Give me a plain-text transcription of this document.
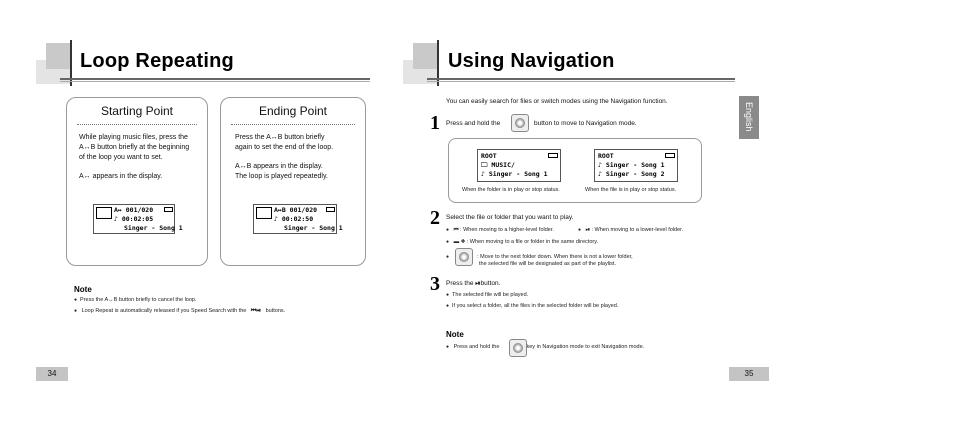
Loop Repeating
Starting Point

While playing music files, press the

A↔B button briefly at the beginning

of the loop you want to set.

A↔ appears in the display.

A↔ 001/020
♪ 00:02:05
Singer - Song 1
Ending Point

Press the A↔B button briefly

again to set the end of the loop.

A↔B appears in the display.

The loop is played repeatedly.

A↔B 001/020
♪ 00:02:50
Singer - Song 1
Note
● Press the A↔B button briefly to cancel the loop.
● Loop Repeat is automatically released if you Speed Search with the ⏮⏯ buttons.
34
Using Navigation
English
You can easily search for files or switch modes using the Navigation function.
1 Press and hold the	button to move to Navigation mode.
ROOT
🗀 MUSIC/
♪ Singer - Song 1
ROOT
♪ Singer - Song 1
♪ Singer - Song 2
When the folder is in play or stop status.	When the file is in play or stop status.
2 Select the file or folder that you want to play.
● ⏮ : When moving to a higher-level folder.
●	⏯ : When moving to a lower-level folder.
● ▬ ✚ : When moving to a file or folder in the same directory.
● : Move to the next folder down. When there is not a lower folder,
the selected file will be designated as part of the playlist.
3 Press the ⏯​button.
● The selected file will be played.
● If you select a folder, all the files in the selected folder will be played.
Note
● Press and hold the	key in Navigation mode to exit Navigation mode.
35
